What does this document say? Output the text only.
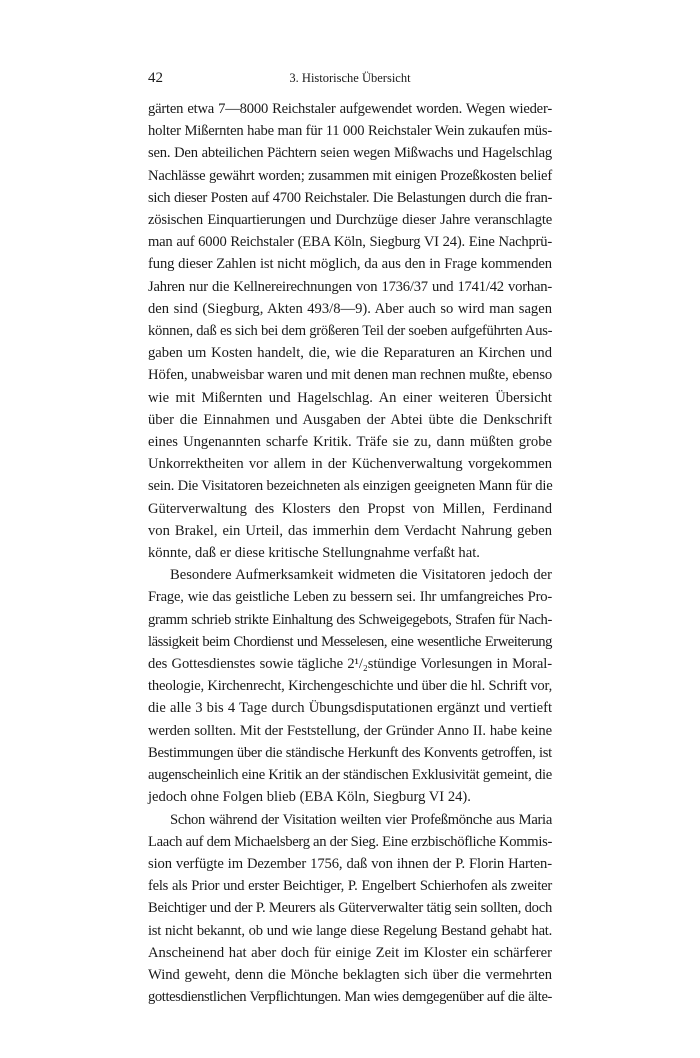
42	3. Historische Übersicht
gärten etwa 7—8000 Reichstaler aufgewendet worden. Wegen wieder-
holter Mißernten habe man für 11 000 Reichstaler Wein zukaufen müs-
sen. Den abteilichen Pächtern seien wegen Mißwachs und Hagelschlag
Nachlässe gewährt worden; zusammen mit einigen Prozeßkosten belief
sich dieser Posten auf 4700 Reichstaler. Die Belastungen durch die fran-
zösischen Einquartierungen und Durchzüge dieser Jahre veranschlagte
man auf 6000 Reichstaler (EBA Köln, Siegburg VI 24). Eine Nachprü-
fung dieser Zahlen ist nicht möglich, da aus den in Frage kommenden
Jahren nur die Kellnereirechnungen von 1736/37 und 1741/42 vorhan-
den sind (Siegburg, Akten 493/8—9). Aber auch so wird man sagen
können, daß es sich bei dem größeren Teil der soeben aufgeführten Aus-
gaben um Kosten handelt, die, wie die Reparaturen an Kirchen und
Höfen, unabweisbar waren und mit denen man rechnen mußte, ebenso
wie mit Mißernten und Hagelschlag. An einer weiteren Übersicht
über die Einnahmen und Ausgaben der Abtei übte die Denkschrift
eines Ungenannten scharfe Kritik. Träfe sie zu, dann müßten grobe
Unkorrektheiten vor allem in der Küchenverwaltung vorgekommen
sein. Die Visitatoren bezeichneten als einzigen geeigneten Mann für die
Güterverwaltung des Klosters den Propst von Millen, Ferdinand
von Brakel, ein Urteil, das immerhin dem Verdacht Nahrung geben
könnte, daß er diese kritische Stellungnahme verfaßt hat.
Besondere Aufmerksamkeit widmeten die Visitatoren jedoch der
Frage, wie das geistliche Leben zu bessern sei. Ihr umfangreiches Pro-
gramm schrieb strikte Einhaltung des Schweigegebots, Strafen für Nach-
lässigkeit beim Chordienst und Messelesen, eine wesentliche Erweiterung
des Gottesdienstes sowie tägliche 2¹/₂stündige Vorlesungen in Moral-
theologie, Kirchenrecht, Kirchengeschichte und über die hl. Schrift vor,
die alle 3 bis 4 Tage durch Übungsdisputationen ergänzt und vertieft
werden sollten. Mit der Feststellung, der Gründer Anno II. habe keine
Bestimmungen über die ständische Herkunft des Konvents getroffen, ist
augenscheinlich eine Kritik an der ständischen Exklusivität gemeint, die
jedoch ohne Folgen blieb (EBA Köln, Siegburg VI 24).
Schon während der Visitation weilten vier Profeßmönche aus Maria
Laach auf dem Michaelsberg an der Sieg. Eine erzbischöfliche Kommis-
sion verfügte im Dezember 1756, daß von ihnen der P. Florin Harten-
fels als Prior und erster Beichtiger, P. Engelbert Schierhofen als zweiter
Beichtiger und der P. Meurers als Güterverwalter tätig sein sollten, doch
ist nicht bekannt, ob und wie lange diese Regelung Bestand gehabt hat.
Anscheinend hat aber doch für einige Zeit im Kloster ein schärferer
Wind geweht, denn die Mönche beklagten sich über die vermehrten
gottesdienstlichen Verpflichtungen. Man wies demgegenüber auf die älte-
